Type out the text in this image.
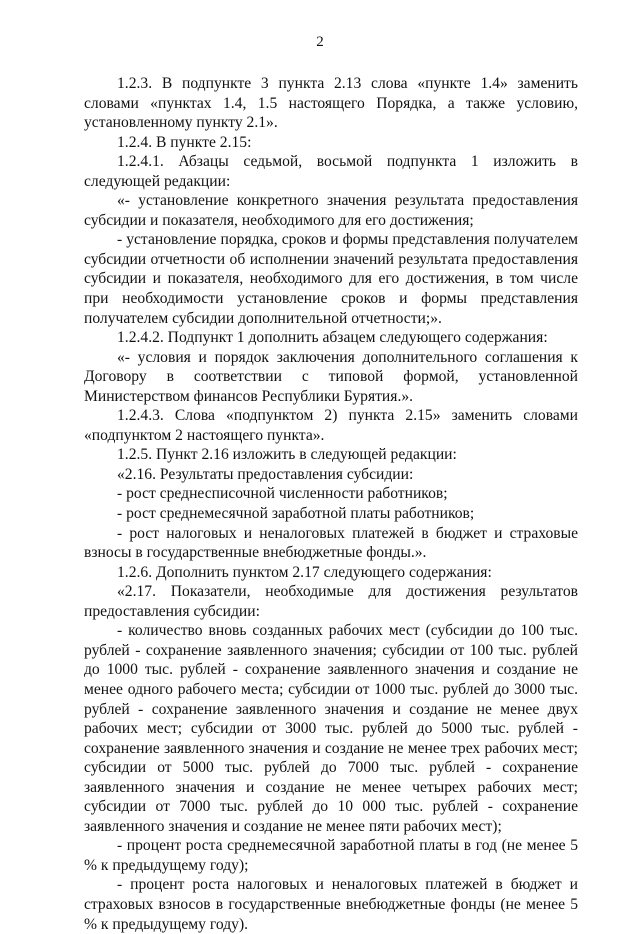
2

1.2.3. В подпункте 3 пункта 2.13 слова «пункте 1.4» заменить словами «пунктах 1.4, 1.5 настоящего Порядка, а также условию, установленному пункту 2.1».

1.2.4. В пункте 2.15:

1.2.4.1. Абзацы седьмой, восьмой подпункта 1 изложить в следующей редакции:

«- установление конкретного значения результата предоставления субсидии и показателя, необходимого для его достижения;

- установление порядка, сроков и формы представления получателем субсидии отчетности об исполнении значений результата предоставления субсидии и показателя, необходимого для его достижения, в том числе при необходимости установление сроков и формы представления получателем субсидии дополнительной отчетности;».

1.2.4.2. Подпункт 1 дополнить абзацем следующего содержания:

«- условия и порядок заключения дополнительного соглашения к Договору в соответствии с типовой формой, установленной Министерством финансов Республики Бурятия.».

1.2.4.3. Слова «подпунктом 2) пункта 2.15» заменить словами «подпунктом 2 настоящего пункта».

1.2.5. Пункт 2.16 изложить в следующей редакции:

«2.16. Результаты предоставления субсидии:

- рост среднесписочной численности работников;

- рост среднемесячной заработной платы работников;

- рост налоговых и неналоговых платежей в бюджет и страховые взносы в государственные внебюджетные фонды.».

1.2.6. Дополнить пунктом 2.17 следующего содержания:

«2.17. Показатели, необходимые для достижения результатов предоставления субсидии:

- количество вновь созданных рабочих мест (субсидии до 100 тыс. рублей - сохранение заявленного значения; субсидии от 100 тыс. рублей до 1000 тыс. рублей - сохранение заявленного значения и создание не менее одного рабочего места; субсидии от 1000 тыс. рублей до 3000 тыс. рублей - сохранение заявленного значения и создание не менее двух рабочих мест; субсидии от 3000 тыс. рублей до 5000 тыс. рублей - сохранение заявленного значения и создание не менее трех рабочих мест; субсидии от 5000 тыс. рублей до 7000 тыс. рублей - сохранение заявленного значения и создание не менее четырех рабочих мест; субсидии от 7000 тыс. рублей до 10 000 тыс. рублей - сохранение заявленного значения и создание не менее пяти рабочих мест);

- процент роста среднемесячной заработной платы в год (не менее 5 % к предыдущему году);

- процент роста налоговых и неналоговых платежей в бюджет и страховых взносов в государственные внебюджетные фонды (не менее 5 % к предыдущему году).
